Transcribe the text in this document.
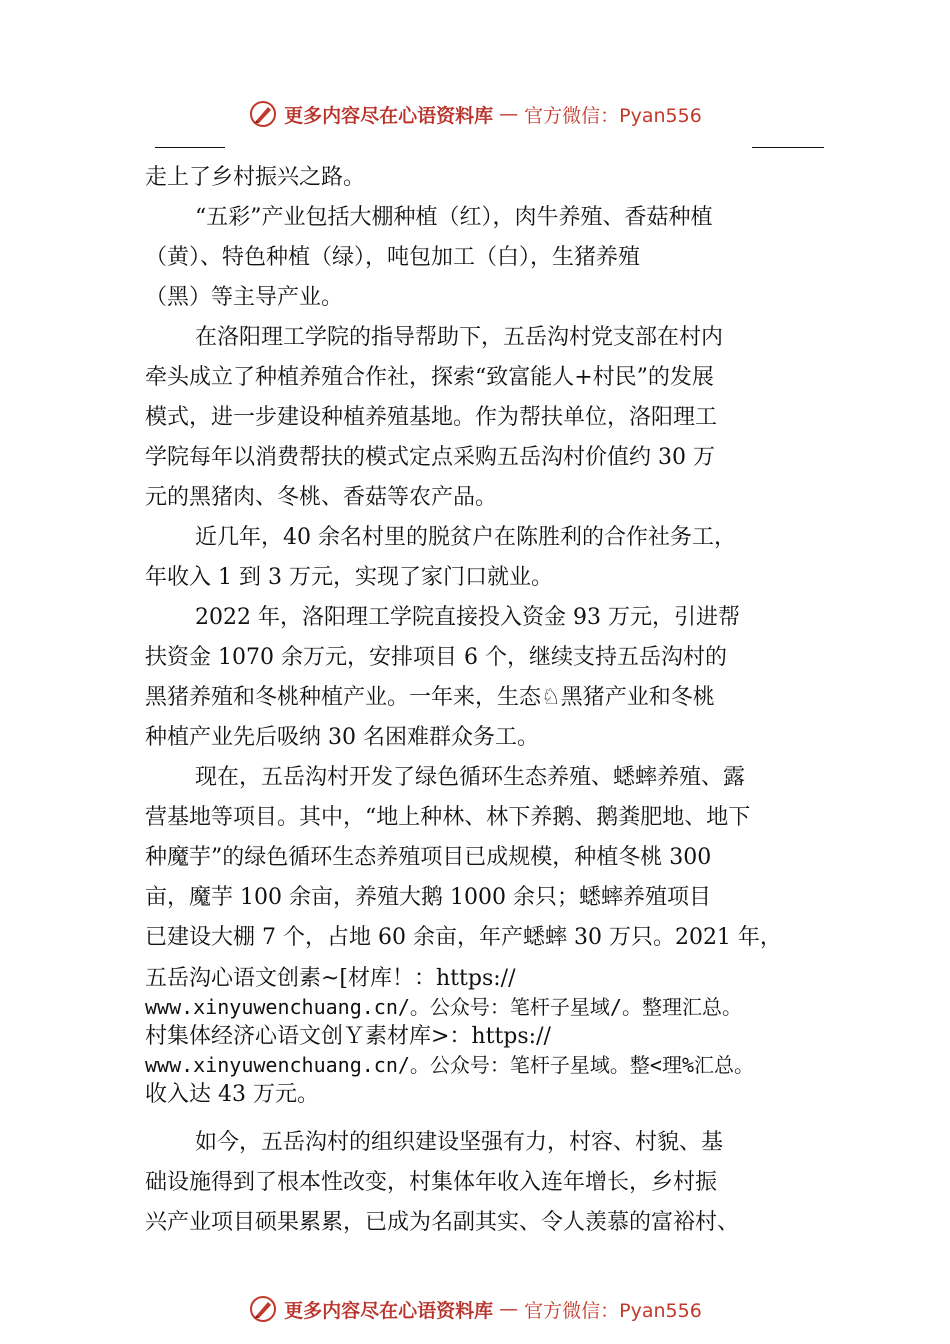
更多内容尽在心语资料库 — 官方微信：Pyan556

走上了乡村振兴之路。

“五彩”产业包括大棚种植（红），肉牛养殖、香菇种植

（黄）、特色种植（绿），吨包加工（白），生猪养殖

（黑）等主导产业。

在洛阳理工学院的指导帮助下，五岳沟村党支部在村内

牵头成立了种植养殖合作社，探索“致富能人+村民”的发展

模式，进一步建设种植养殖基地。作为帮扶单位，洛阳理工

学院每年以消费帮扶的模式定点采购五岳沟村价值约 30 万

元的黑猪肉、冬桃、香菇等农产品。

近几年，40 余名村里的脱贫户在陈胜利的合作社务工，

年收入 1 到 3 万元，实现了家门口就业。

2022 年，洛阳理工学院直接投入资金 93 万元，引进帮

扶资金 1070 余万元，安排项目 6 个，继续支持五岳沟村的

黑猪养殖和冬桃种植产业。一年来，生态♘黑猪产业和冬桃

种植产业先后吸纳 30 名困难群众务工。

现在，五岳沟村开发了绿色循环生态养殖、蟋蟀养殖、露

营基地等项目。其中，“地上种林、林下养鹅、鹅粪肥地、地下

种魔芋”的绿色循环生态养殖项目已成规模，种植冬桃 300

亩，魔芋 100 余亩，养殖大鹅 1000 余只；蟋蟀养殖项目

已建设大棚 7 个，占地 60 余亩，年产蟋蟀 30 万只。2021 年，

五岳沟心语文创素~[材库！：https://

www.xinyuwenchuang.cn/。公众号：笔杆子星域/。整理汇总。

村集体经济心语文创Ｙ素材库>：https://

www.xinyuwenchuang.cn/。公众号：笔杆子星域。整<理%汇总。

收入达 43 万元。

如今，五岳沟村的组织建设坚强有力，村容、村貌、基

础设施得到了根本性改变，村集体年收入连年增长，乡村振

兴产业项目硕果累累，已成为名副其实、令人羡慕的富裕村、

更多内容尽在心语资料库 — 官方微信：Pyan556
